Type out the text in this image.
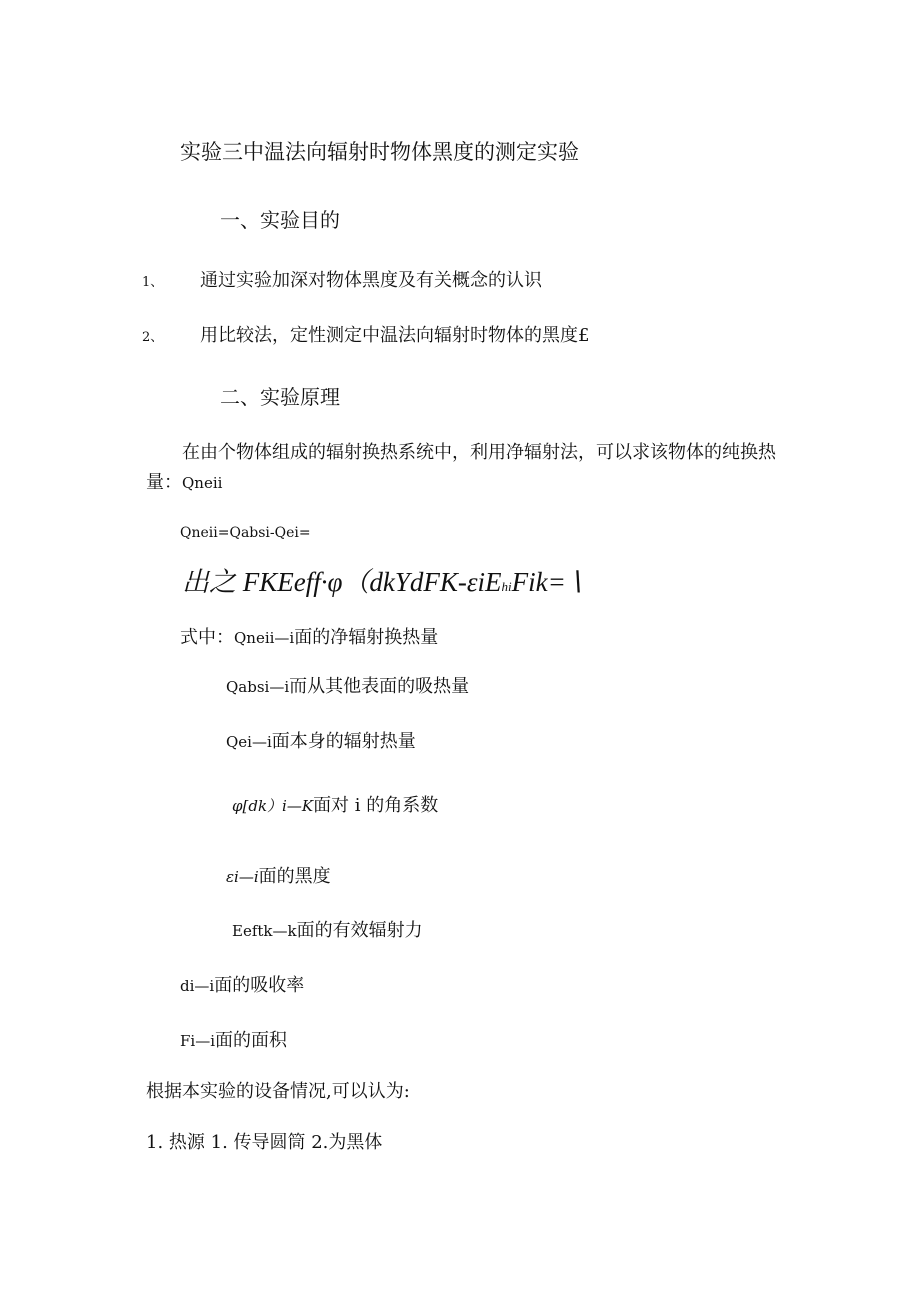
实验三中温法向辐射时物体黑度的测定实验
一、实验目的
1、 通过实验加深对物体黑度及有关概念的认识
2、 用比较法，定性测定中温法向辐射时物体的黑度£
二、实验原理
在由个物体组成的辐射换热系统中，利用净辐射法，可以求该物体的纯换热量：Qneii
Qneii=Qabsi-Qei=
出之 FKEeff·φ（dkYdFK-εiEhiFik=∖
式中：Qneii—i面的净辐射换热量
Qabsi—i而从其他表面的吸热量
Qei—i面本身的辐射热量
φ[dk）i—K面对 i 的角系数
εi—i面的黑度
Eeftk—k面的有效辐射力
di—i面的吸收率
Fi—i面的面积
根据本实验的设备情况,可以认为:
1. 热源 1. 传导圆筒 2.为黑体
